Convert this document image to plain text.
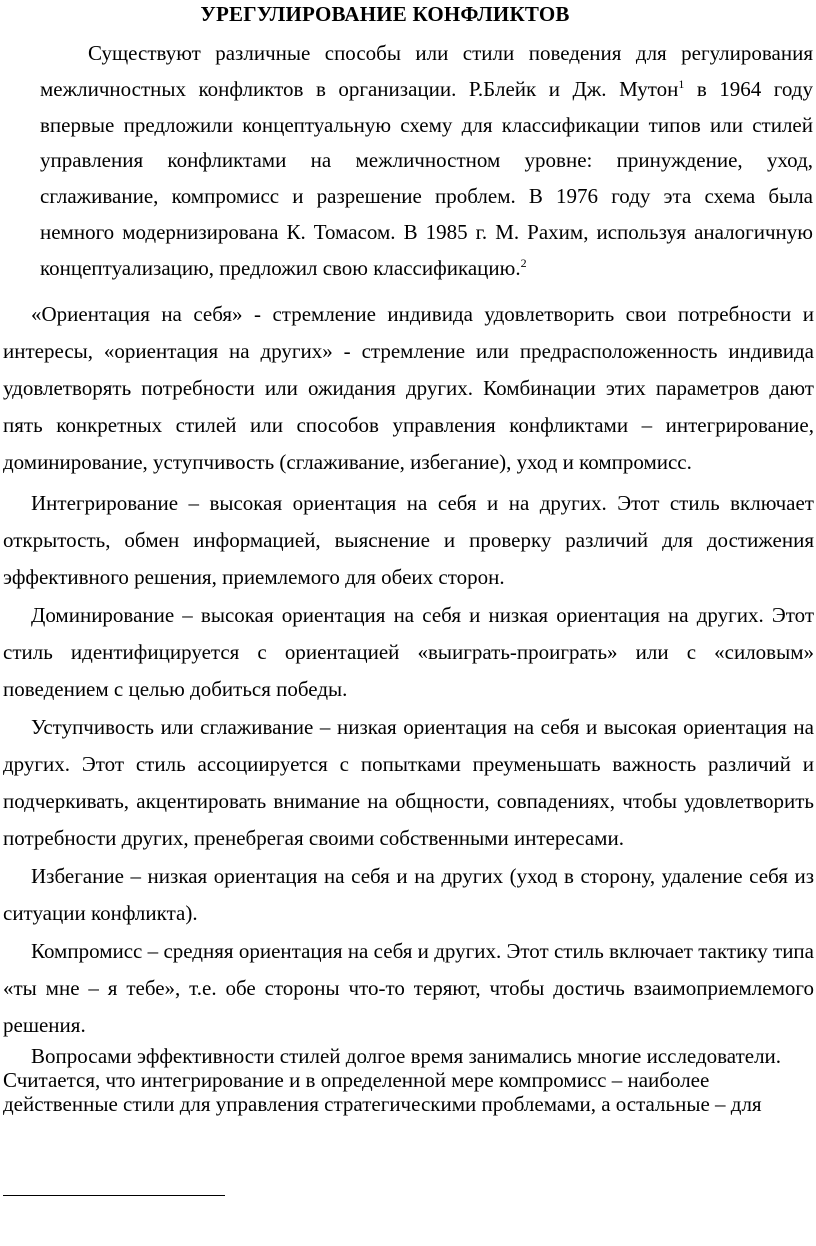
УРЕГУЛИРОВАНИЕ КОНФЛИКТОВ

Существуют различные способы или стили поведения для регулирования межличностных конфликтов в организации. Р.Блейк и Дж. Мутон$^1$ в 1964 году впервые предложили концептуальную схему для классификации типов или стилей управления конфликтами на межличностном уровне: принуждение, уход, сглаживание, компромисс и разрешение проблем. В 1976 году эта схема была немного модернизирована К. Томасом. В 1985 г. М. Рахим, используя аналогичную концептуализацию, предложил свою классификацию.$^2$

«Ориентация на себя» - стремление индивида удовлетворить свои потребности и интересы, «ориентация на других» - стремление или предрасположенность индивида удовлетворять потребности или ожидания других. Комбинации этих параметров дают пять конкретных стилей или способов управления конфликтами – интегрирование, доминирование, уступчивость (сглаживание, избегание), уход и компромисс.

Интегрирование – высокая ориентация на себя и на других. Этот стиль включает открытость, обмен информацией, выяснение и проверку различий для достижения эффективного решения, приемлемого для обеих сторон.

Доминирование – высокая ориентация на себя и низкая ориентация на других. Этот стиль идентифицируется с ориентацией «выиграть-проиграть» или с «силовым» поведением с целью добиться победы.

Уступчивость или сглаживание – низкая ориентация на себя и высокая ориентация на других. Этот стиль ассоциируется с попытками преуменьшать важность различий и подчеркивать, акцентировать внимание на общности, совпадениях, чтобы удовлетворить потребности других, пренебрегая своими собственными интересами.

Избегание – низкая ориентация на себя и на других (уход в сторону, удаление себя из ситуации конфликта).

Компромисс – средняя ориентация на себя и других. Этот стиль включает тактику типа «ты мне – я тебе», т.е. обе стороны что-то теряют, чтобы достичь взаимоприемлемого решения.

Вопросами эффективности стилей долгое время занимались многие исследователи. Считается, что интегрирование и в определенной мере компромисс – наиболее действенные стили для управления стратегическими проблемами, а остальные – для
